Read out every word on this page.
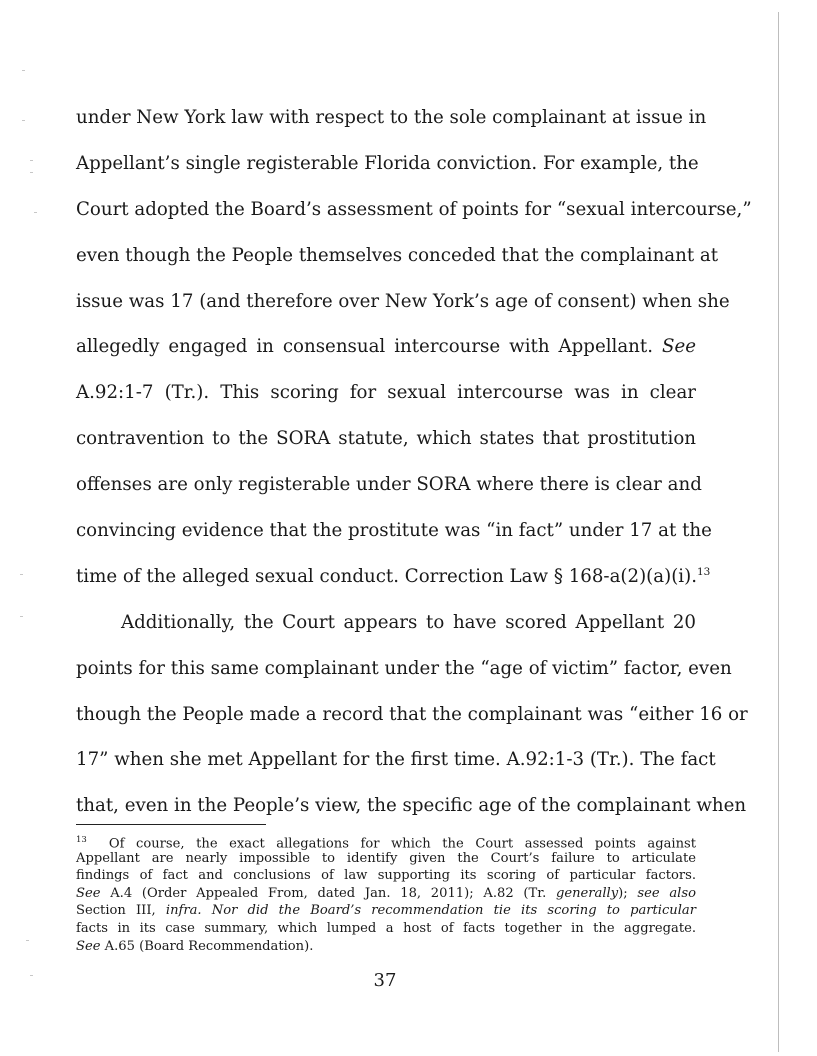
under New York law with respect to the sole complainant at issue in
Appellant’s single registerable Florida conviction. For example, the
Court adopted the Board’s assessment of points for “sexual intercourse,”
even though the People themselves conceded that the complainant at
issue was 17 (and therefore over New York’s age of consent) when she
allegedly engaged in consensual intercourse with Appellant. See
A.92:1-7 (Tr.). This scoring for sexual intercourse was in clear
contravention to the SORA statute, which states that prostitution
offenses are only registerable under SORA where there is clear and
convincing evidence that the prostitute was “in fact” under 17 at the
time of the alleged sexual conduct. Correction Law § 168-a(2)(a)(i).$^{13}$
Additionally, the Court appears to have scored Appellant 20
points for this same complainant under the “age of victim” factor, even
though the People made a record that the complainant was “either 16 or
17” when she met Appellant for the first time. A.92:1-3 (Tr.). The fact
that, even in the People’s view, the specific age of the complainant when
$^{13}$ Of course, the exact allegations for which the Court assessed points against
Appellant are nearly impossible to identify given the Court’s failure to articulate
findings of fact and conclusions of law supporting its scoring of particular factors.
See A.4 (Order Appealed From, dated Jan. 18, 2011); A.82 (Tr. generally); see also
Section III, infra. Nor did the Board’s recommendation tie its scoring to particular
facts in its case summary, which lumped a host of facts together in the aggregate.
See A.65 (Board Recommendation).
37
